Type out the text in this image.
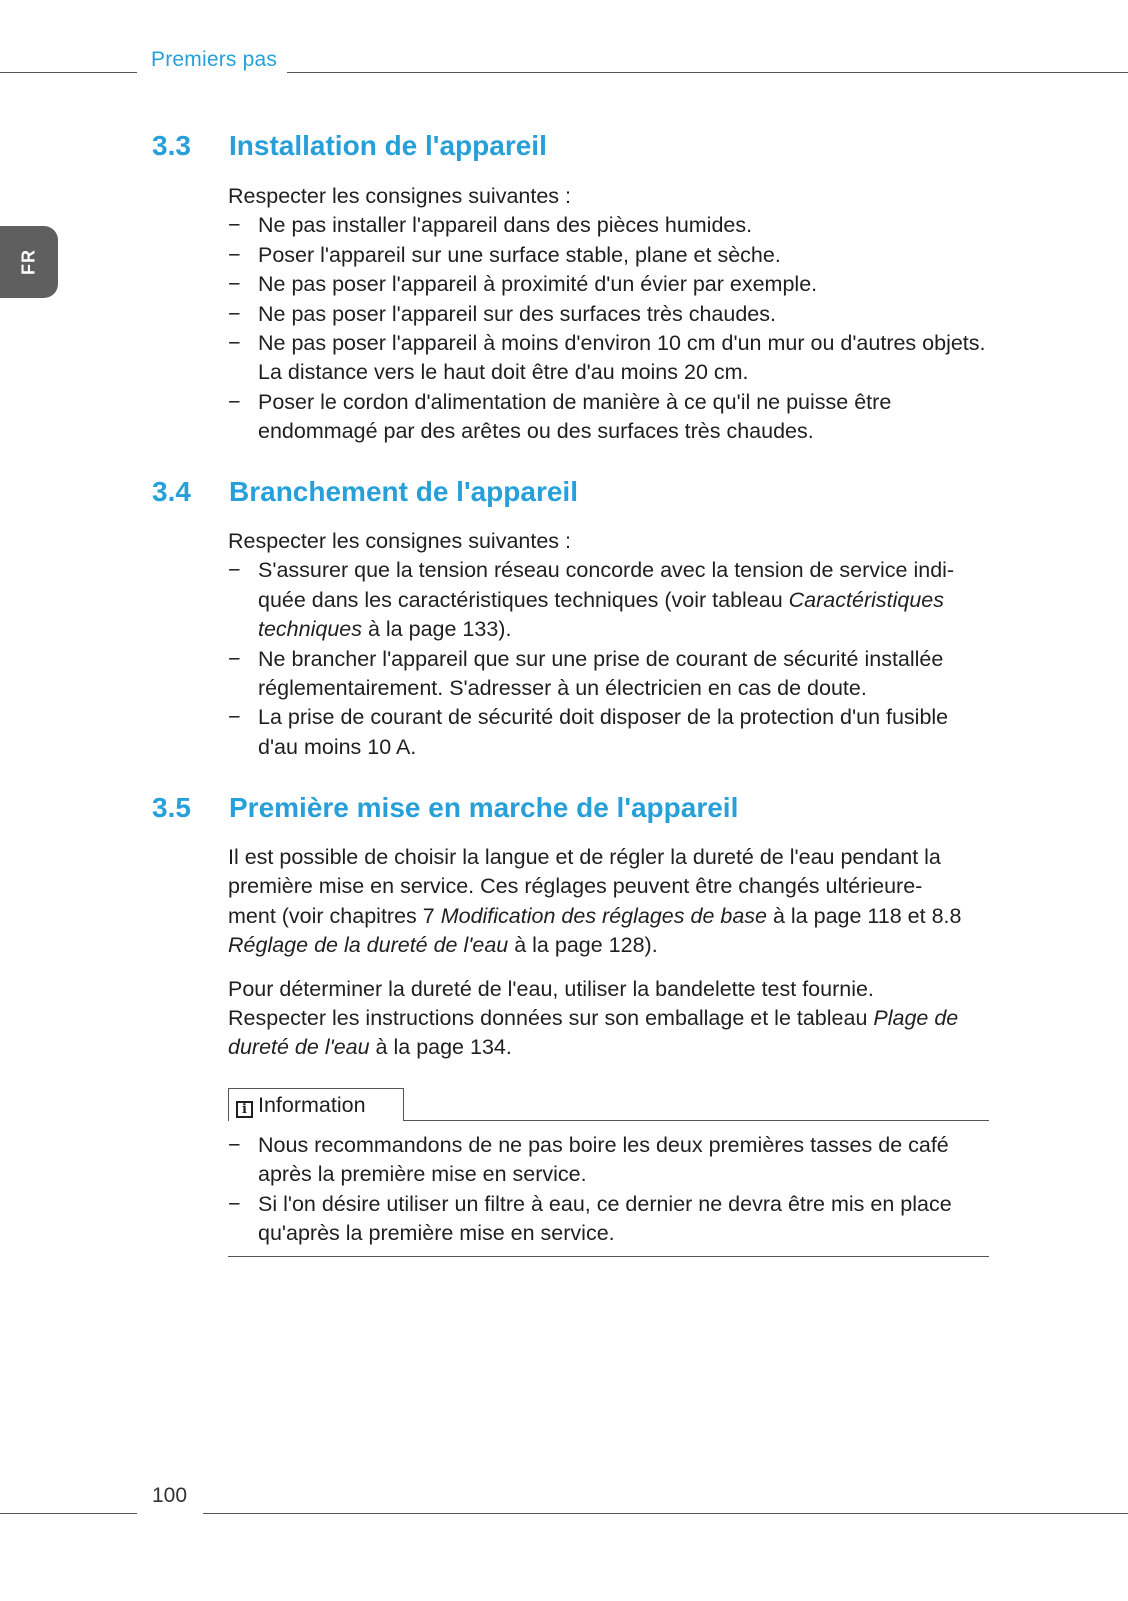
Premiers pas
FR
3.3 Installation de l'appareil

Respecter les consignes suivantes :

− Ne pas installer l'appareil dans des pièces humides.
− Poser l'appareil sur une surface stable, plane et sèche.
− Ne pas poser l'appareil à proximité d'un évier par exemple.
− Ne pas poser l'appareil sur des surfaces très chaudes.
− Ne pas poser l'appareil à moins d'environ 10 cm d'un mur ou d'autres objets. La distance vers le haut doit être d'au moins 20 cm.
− Poser le cordon d'alimentation de manière à ce qu'il ne puisse être endommagé par des arêtes ou des surfaces très chaudes.
3.4 Branchement de l'appareil

Respecter les consignes suivantes :

− S'assurer que la tension réseau concorde avec la tension de service indi-quée dans les caractéristiques techniques (voir tableau Caractéristiques techniques à la page 133).
− Ne brancher l'appareil que sur une prise de courant de sécurité installée réglementairement. S'adresser à un électricien en cas de doute.
− La prise de courant de sécurité doit disposer de la protection d'un fusible d'au moins 10 A.
3.5 Première mise en marche de l'appareil

Il est possible de choisir la langue et de régler la dureté de l'eau pendant la première mise en service. Ces réglages peuvent être changés ultérieure-ment (voir chapitres 7 Modification des réglages de base à la page 118 et 8.8 Réglage de la dureté de l'eau à la page 128).

Pour déterminer la dureté de l'eau, utiliser la bandelette test fournie. Respecter les instructions données sur son emballage et le tableau Plage de dureté de l'eau à la page 134.

i Information
− Nous recommandons de ne pas boire les deux premières tasses de café après la première mise en service.
− Si l'on désire utiliser un filtre à eau, ce dernier ne devra être mis en place qu'après la première mise en service.
100
